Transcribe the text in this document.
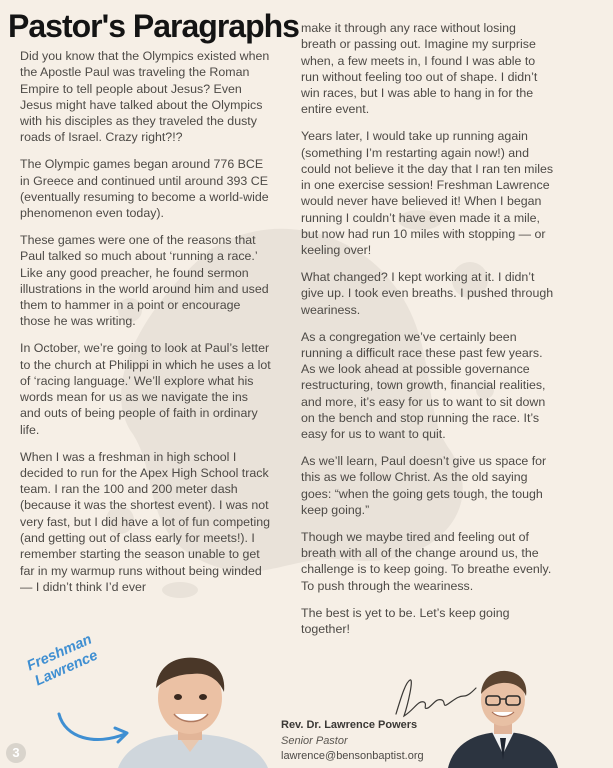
Pastor's Paragraphs

Did you know that the Olympics existed when the Apostle Paul was traveling the Roman Empire to tell people about Jesus? Even Jesus might have talked about the Olympics with his disciples as they traveled the dusty roads of Israel. Crazy right?!?

The Olympic games began around 776 BCE in Greece and continued until around 393 CE (eventually resuming to become a world-wide phenomenon even today).

These games were one of the reasons that Paul talked so much about ‘running a race.’ Like any good preacher, he found sermon illustrations in the world around him and used them to hammer in a point or encourage those he was writing.

In October, we’re going to look at Paul’s letter to the church at Philippi in which he uses a lot of ‘racing language.’ We’ll explore what his words mean for us as we navigate the ins and outs of being people of faith in ordinary life.

When I was a freshman in high school I decided to run for the Apex High School track team. I ran the 100 and 200 meter dash (because it was the shortest event). I was not very fast, but I did have a lot of fun competing (and getting out of class early for meets!). I remember starting the season unable to get far in my warmup runs without being winded— I didn’t think I’d ever

make it through any race without losing breath or passing out. Imagine my surprise when, a few meets in, I found I was able to run without feeling too out of shape. I didn’t win races, but I was able to hang in for the entire event.

Years later, I would take up running again (something I’m restarting again now!) and could not believe it the day that I ran ten miles in one exercise session! Freshman Lawrence would never have believed it! When I began running I couldn’t have even made it a mile, but now had run 10 miles with stopping — or keeling over!

What changed? I kept working at it. I didn’t give up. I took even breaths. I pushed through weariness.

As a congregation we’ve certainly been running a difficult race these past few years. As we look ahead at possible governance restructuring, town growth, financial realities, and more, it’s easy for us to want to sit down on the bench and stop running the race. It’s easy for us to want to quit.

As we’ll learn, Paul doesn’t give us space for this as we follow Christ. As the old saying goes: “when the going gets tough, the tough keep going.”

Though we maybe tired and feeling out of breath with all of the change around us, the challenge is to keep going. To breathe evenly. To push through the weariness.

The best is yet to be. Let’s keep going together!

Freshman Lawrence
Rev. Dr. Lawrence Powers
Senior Pastor
lawrence@bensonbaptist.org
3
